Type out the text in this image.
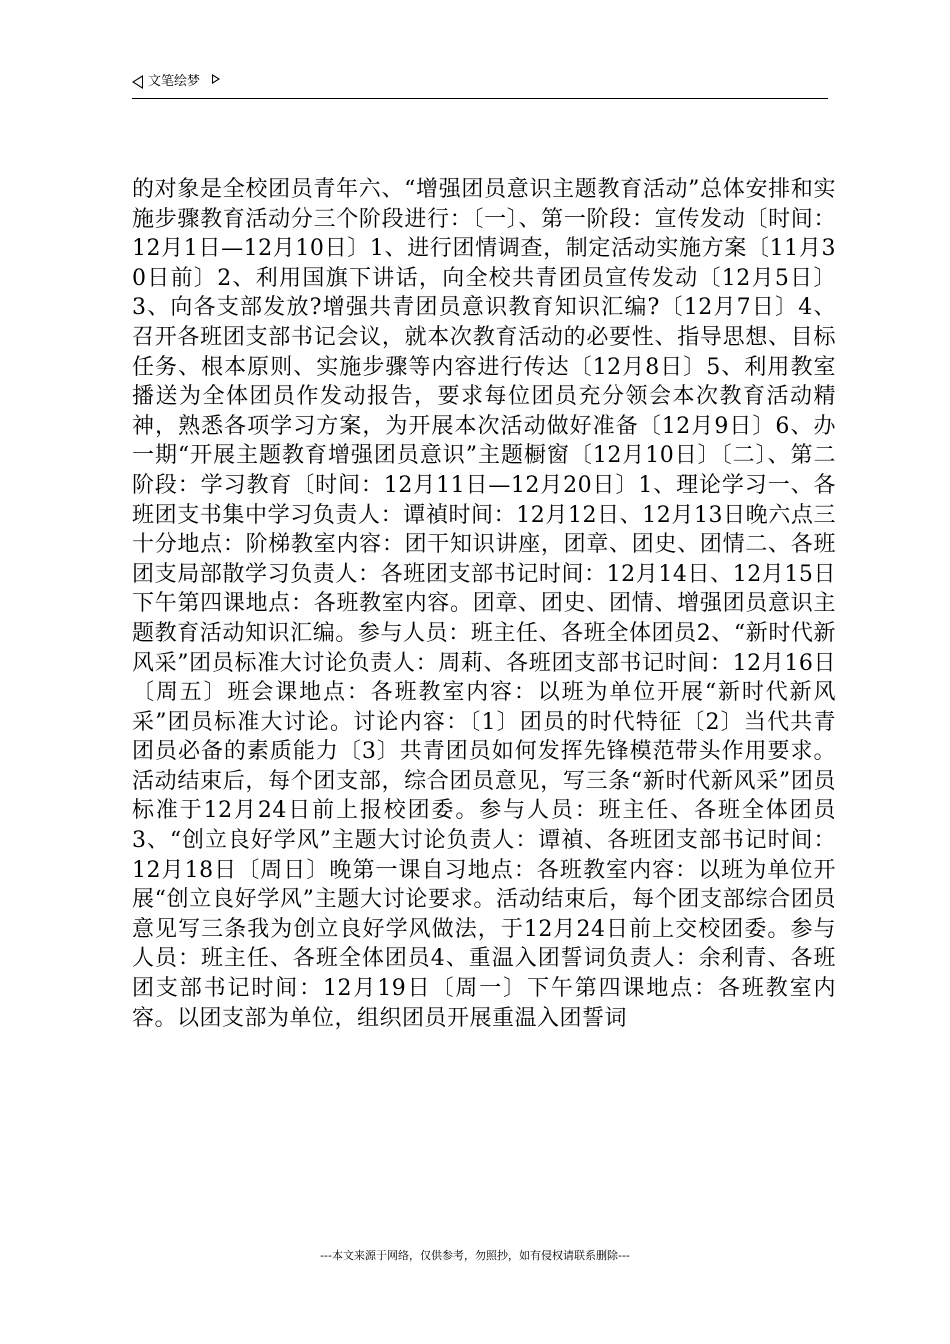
文笔绘梦

的对象是全校团员青年六、“增强团员意识主题教育活动”总体安排和实施步骤教育活动分三个阶段进行：〔一〕、第一阶段：宣传发动〔时间：12月1日—12月10日〕1、进行团情调查，制定活动实施方案〔11月30日前〕2、利用国旗下讲话，向全校共青团员宣传发动〔12月5日〕3、向各支部发放?增强共青团员意识教育知识汇编?〔12月7日〕4、召开各班团支部书记会议，就本次教育活动的必要性、指导思想、目标任务、根本原则、实施步骤等内容进行传达〔12月8日〕5、利用教室播送为全体团员作发动报告，要求每位团员充分领会本次教育活动精神，熟悉各项学习方案，为开展本次活动做好准备〔12月9日〕6、办一期“开展主题教育增强团员意识”主题橱窗〔12月10日〕〔二〕、第二阶段：学习教育〔时间：12月11日—12月20日〕1、理论学习一、各班团支书集中学习负责人：谭禎时间：12月12日、12月13日晚六点三十分地点：阶梯教室内容：团干知识讲座，团章、团史、团情二、各班团支局部散学习负责人：各班团支部书记时间：12月14日、12月15日下午第四课地点：各班教室内容。团章、团史、团情、增强团员意识主题教育活动知识汇编。参与人员：班主任、各班全体团员2、“新时代新风采”团员标准大讨论负责人：周莉、各班团支部书记时间：12月16日〔周五〕班会课地点：各班教室内容：以班为单位开展“新时代新风采”团员标准大讨论。讨论内容：〔1〕团员的时代特征〔2〕当代共青团员必备的素质能力〔3〕共青团员如何发挥先锋模范带头作用要求。活动结束后，每个团支部，综合团员意见，写三条“新时代新风采”团员标准于12月24日前上报校团委。参与人员：班主任、各班全体团员3、“创立良好学风”主题大讨论负责人：谭禎、各班团支部书记时间：12月18日〔周日〕晚第一课自习地点：各班教室内容：以班为单位开展“创立良好学风”主题大讨论要求。活动结束后，每个团支部综合团员意见写三条我为创立良好学风做法，于12月24日前上交校团委。参与人员：班主任、各班全体团员4、重温入团誓词负责人：余利青、各班团支部书记时间：12月19日〔周一〕下午第四课地点：各班教室内容。以团支部为单位，组织团员开展重温入团誓词

---本文来源于网络，仅供参考，勿照抄，如有侵权请联系删除---
